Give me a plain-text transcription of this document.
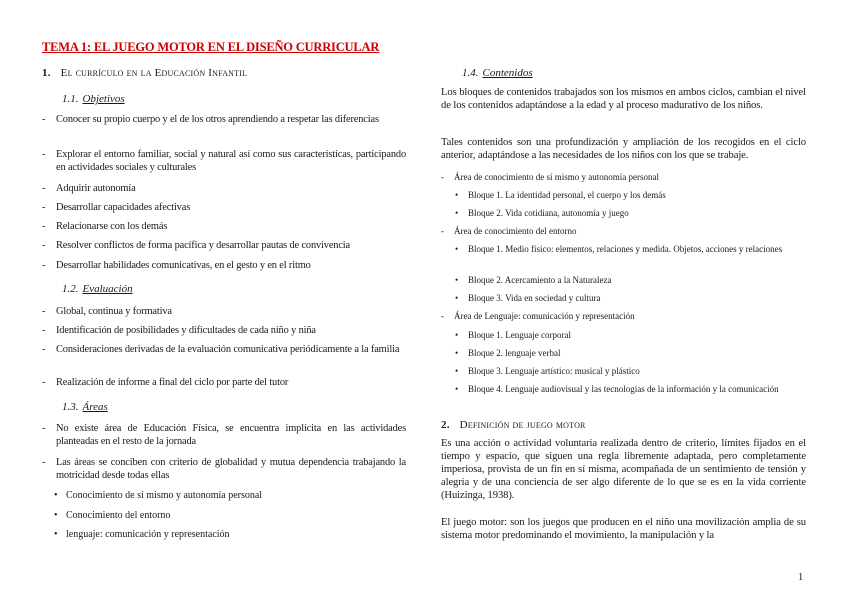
TEMA 1: EL JUEGO MOTOR EN EL DISEÑO CURRICULAR
1. El currículo en la Educación Infantil
1.1. Objetivos
- Conocer su propio cuerpo y el de los otros aprendiendo a respetar las diferencias
- Explorar el entorno familiar, social y natural así como sus características, participando en actividades sociales y culturales
- Adquirir autonomía
- Desarrollar capacidades afectivas
- Relacionarse con los demás
- Resolver conflictos de forma pacífica y desarrollar pautas de convivencia
- Desarrollar habilidades comunicativas, en el gesto y en el ritmo
1.2. Evaluación
- Global, continua y formativa
- Identificación de posibilidades y dificultades de cada niño y niña
- Consideraciones derivadas de la evaluación comunicativa periódicamente a la familia
- Realización de informe a final del ciclo por parte del tutor
1.3. Áreas
- No existe área de Educación Física, se encuentra implícita en las actividades planteadas en el resto de la jornada
- Las áreas se conciben con criterio de globalidad y mutua dependencia trabajando la motricidad desde todas ellas
• Conocimiento de sí mismo y autonomía personal
• Conocimiento del entorno
• lenguaje: comunicación y representación
1.4. Contenidos
Los bloques de contenidos trabajados son los mismos en ambos ciclos, cambian el nivel de los contenidos adaptándose a la edad y al proceso madurativo de los niños.
Tales contenidos son una profundización y ampliación de los recogidos en el ciclo anterior, adaptándose a las necesidades de los niños con los que se trabaje.
- Área de conocimiento de sí mismo y autonomía personal
• Bloque 1. La identidad personal, el cuerpo y los demás
• Bloque 2. Vida cotidiana, autonomía y juego
- Área de conocimiento del entorno
• Bloque 1. Medio físico: elementos, relaciones y medida. Objetos, acciones y relaciones
• Bloque 2. Acercamiento a la Naturaleza
• Bloque 3. Vida en sociedad y cultura
- Área de Lenguaje: comunicación y representación
• Bloque 1. Lenguaje corporal
• Bloque 2. lenguaje verbal
• Bloque 3. Lenguaje artístico: musical y plástico
• Bloque 4. Lenguaje audiovisual y las tecnologías de la información y la comunicación
2. Definición de juego motor
Es una acción o actividad voluntaria realizada dentro de criterio, límites fijados en el tiempo y espacio, que siguen una regla libremente adaptada, pero completamente imperiosa, provista de un fin en sí misma, acompañada de un sentimiento de tensión y alegría y de una conciencia de ser algo diferente de lo que se es en la vida corriente (Huizinga, 1938).
El juego motor: son los juegos que producen en el niño una movilización amplia de su sistema motor predominando el movimiento, la manipulación y la
1
